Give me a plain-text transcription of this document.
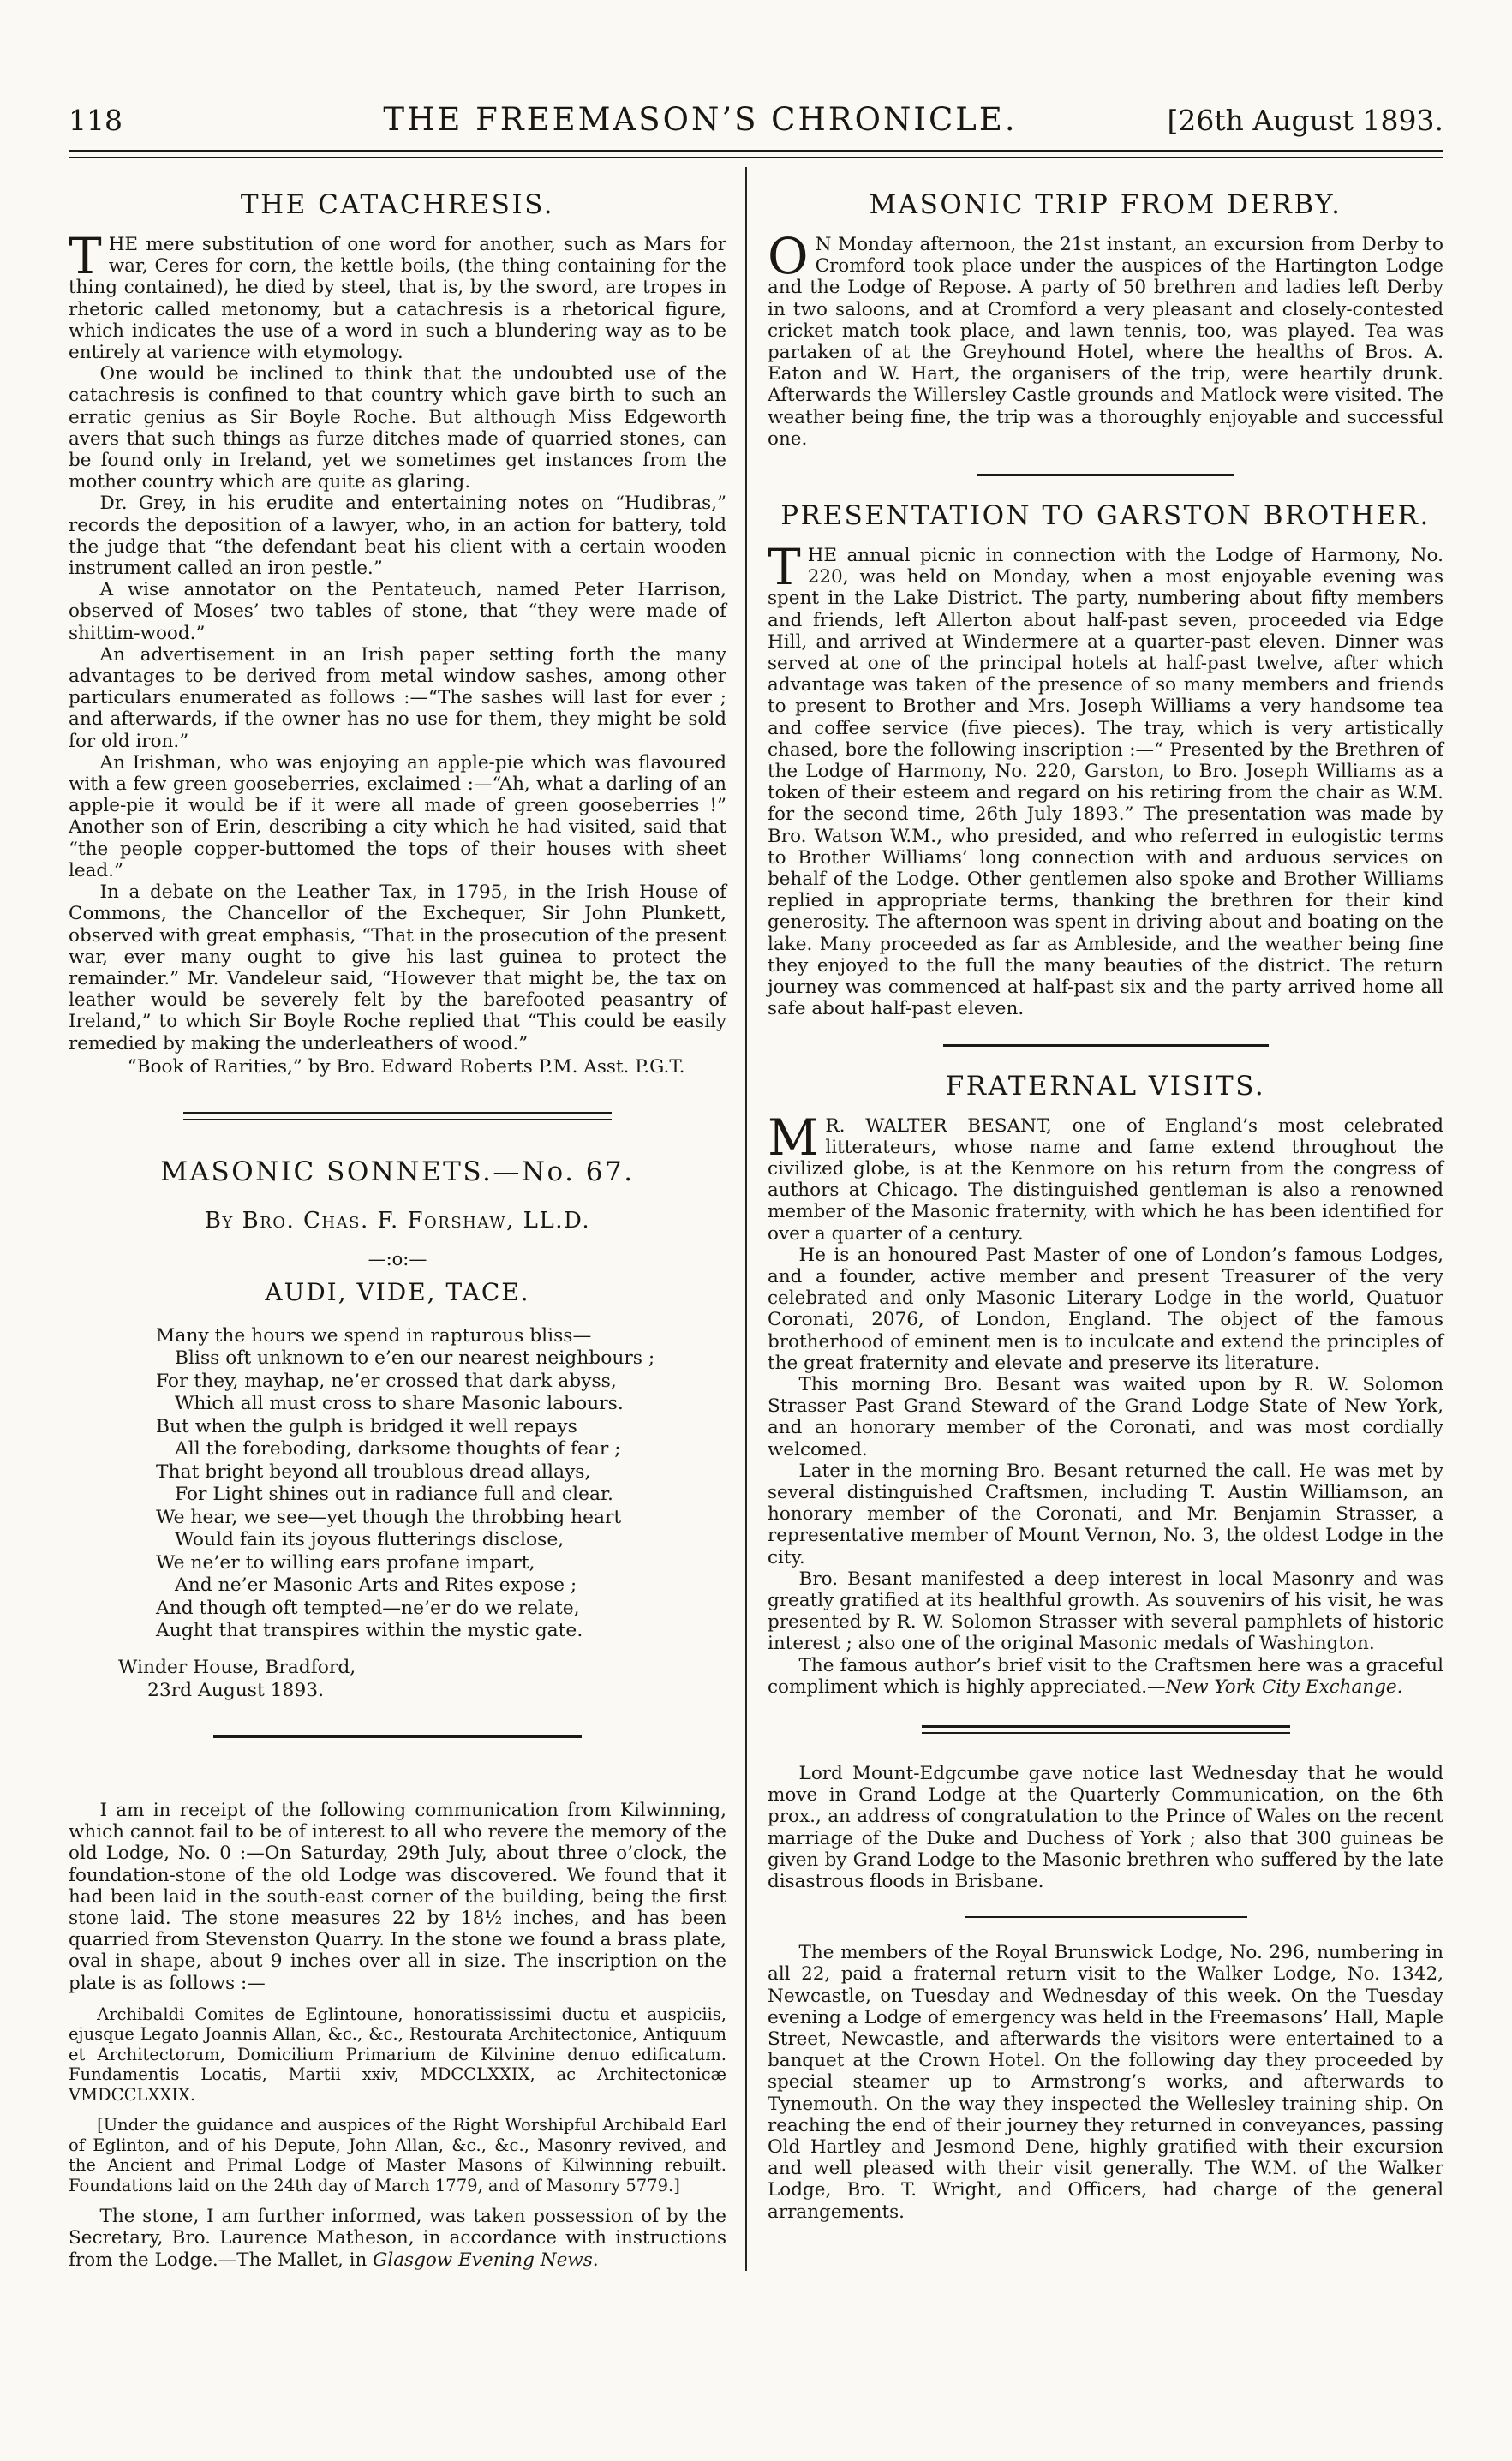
118	THE FREEMASON’S CHRONICLE.	[26th August 1893.
THE CATACHRESIS.

THE mere substitution of one word for another, such as Mars for war, Ceres for corn, the kettle boils, (the thing containing for the thing contained), he died by steel, that is, by the sword, are tropes in rhetoric called metonomy, but a catachresis is a rhetorical figure, which indicates the use of a word in such a blundering way as to be entirely at varience with etymology.

One would be inclined to think that the undoubted use of the catachresis is confined to that country which gave birth to such an erratic genius as Sir Boyle Roche. But although Miss Edgeworth avers that such things as furze ditches made of quarried stones, can be found only in Ireland, yet we sometimes get instances from the mother country which are quite as glaring.

Dr. Grey, in his erudite and entertaining notes on “Hudibras,” records the deposition of a lawyer, who, in an action for battery, told the judge that “the defendant beat his client with a certain wooden instrument called an iron pestle.”

A wise annotator on the Pentateuch, named Peter Harrison, observed of Moses’ two tables of stone, that “they were made of shittim-wood.”

An advertisement in an Irish paper setting forth the many advantages to be derived from metal window sashes, among other particulars enumerated as follows :—“The sashes will last for ever ; and afterwards, if the owner has no use for them, they might be sold for old iron.”

An Irishman, who was enjoying an apple-pie which was flavoured with a few green gooseberries, exclaimed :—“Ah, what a darling of an apple-pie it would be if it were all made of green gooseberries !” Another son of Erin, describing a city which he had visited, said that “the people copper-buttomed the tops of their houses with sheet lead.”

In a debate on the Leather Tax, in 1795, in the Irish House of Commons, the Chancellor of the Exchequer, Sir John Plunkett, observed with great emphasis, “That in the prosecution of the present war, ever many ought to give his last guinea to protect the remainder.” Mr. Vandeleur said, “However that might be, the tax on leather would be severely felt by the barefooted peasantry of Ireland,” to which Sir Boyle Roche replied that “This could be easily remedied by making the underleathers of wood.”

“Book of Rarities,” by Bro. Edward Roberts P.M. Asst. P.G.T.

MASONIC SONNETS.—No. 67.
By Bro. Chas. F. Forshaw, LL.D.
—:o:—
AUDI, VIDE, TACE.
Many the hours we spend in rapturous bliss—
Bliss oft unknown to e’en our nearest neighbours ;
For they, mayhap, ne’er crossed that dark abyss,
Which all must cross to share Masonic labours.
But when the gulph is bridged it well repays
All the foreboding, darksome thoughts of fear ;
That bright beyond all troublous dread allays,
For Light shines out in radiance full and clear.
We hear, we see—yet though the throbbing heart
Would fain its joyous flutterings disclose,
We ne’er to willing ears profane impart,
And ne’er Masonic Arts and Rites expose ;
And though oft tempted—ne’er do we relate,
Aught that transpires within the mystic gate.
Winder House, Bradford,
23rd August 1893.

I am in receipt of the following communication from Kilwinning, which cannot fail to be of interest to all who revere the memory of the old Lodge, No. 0 :—On Saturday, 29th July, about three o’clock, the foundation-stone of the old Lodge was discovered. We found that it had been laid in the south-east corner of the building, being the first stone laid. The stone measures 22 by 18½ inches, and has been quarried from Stevenston Quarry. In the stone we found a brass plate, oval in shape, about 9 inches over all in size. The inscription on the plate is as follows :—

Archibaldi Comites de Eglintoune, honoratississimi ductu et auspiciis, ejusque Legato Joannis Allan, &c., &c., Restourata Architectonice, Antiquum et Architectorum, Domicilium Primarium de Kilvinine denuo edificatum. Fundamentis Locatis, Martii xxiv, MDCCLXXIX, ac Architectonicæ VMDCCLXXIX.

[Under the guidance and auspices of the Right Worshipful Archibald Earl of Eglinton, and of his Depute, John Allan, &c., &c., Masonry revived, and the Ancient and Primal Lodge of Master Masons of Kilwinning rebuilt. Foundations laid on the 24th day of March 1779, and of Masonry 5779.]

The stone, I am further informed, was taken possession of by the Secretary, Bro. Laurence Matheson, in accordance with instructions from the Lodge.—The Mallet, in Glasgow Evening News.

MASONIC TRIP FROM DERBY.

O N Monday afternoon, the 21st instant, an excursion from Derby to Cromford took place under the auspices of the Hartington Lodge and the Lodge of Repose. A party of 50 brethren and ladies left Derby in two saloons, and at Cromford a very pleasant and closely-contested cricket match took place, and lawn tennis, too, was played. Tea was partaken of at the Greyhound Hotel, where the healths of Bros. A. Eaton and W. Hart, the organisers of the trip, were heartily drunk. Afterwards the Willersley Castle grounds and Matlock were visited. The weather being fine, the trip was a thoroughly enjoyable and successful one.

PRESENTATION TO GARSTON BROTHER.

THE annual picnic in connection with the Lodge of Harmony, No. 220, was held on Monday, when a most enjoyable evening was spent in the Lake District. The party, numbering about fifty members and friends, left Allerton about half-past seven, proceeded via Edge Hill, and arrived at Windermere at a quarter-past eleven. Dinner was served at one of the principal hotels at half-past twelve, after which advantage was taken of the presence of so many members and friends to present to Brother and Mrs. Joseph Williams a very handsome tea and coffee service (five pieces). The tray, which is very artistically chased, bore the following inscription :—“ Presented by the Brethren of the Lodge of Harmony, No. 220, Garston, to Bro. Joseph Williams as a token of their esteem and regard on his retiring from the chair as W.M. for the second time, 26th July 1893.” The presentation was made by Bro. Watson W.M., who presided, and who referred in eulogistic terms to Brother Williams’ long connection with and arduous services on behalf of the Lodge. Other gentlemen also spoke and Brother Williams replied in appropriate terms, thanking the brethren for their kind generosity. The afternoon was spent in driving about and boating on the lake. Many proceeded as far as Ambleside, and the weather being fine they enjoyed to the full the many beauties of the district. The return journey was commenced at half-past six and the party arrived home all safe about half-past eleven.

FRATERNAL VISITS.

M R. WALTER BESANT, one of England’s most celebrated litterateurs, whose name and fame extend throughout the civilized globe, is at the Kenmore on his return from the congress of authors at Chicago. The distinguished gentleman is also a renowned member of the Masonic fraternity, with which he has been identified for over a quarter of a century.

He is an honoured Past Master of one of London’s famous Lodges, and a founder, active member and present Treasurer of the very celebrated and only Masonic Literary Lodge in the world, Quatuor Coronati, 2076, of London, England. The object of the famous brotherhood of eminent men is to inculcate and extend the principles of the great fraternity and elevate and preserve its literature.

This morning Bro. Besant was waited upon by R. W. Solomon Strasser Past Grand Steward of the Grand Lodge State of New York, and an honorary member of the Coronati, and was most cordially welcomed.

Later in the morning Bro. Besant returned the call. He was met by several distinguished Craftsmen, including T. Austin Williamson, an honorary member of the Coronati, and Mr. Benjamin Strasser, a representative member of Mount Vernon, No. 3, the oldest Lodge in the city.

Bro. Besant manifested a deep interest in local Masonry and was greatly gratified at its healthful growth. As souvenirs of his visit, he was presented by R. W. Solomon Strasser with several pamphlets of historic interest ; also one of the original Masonic medals of Washington.

The famous author’s brief visit to the Craftsmen here was a graceful compliment which is highly appreciated.—New York City Exchange.

Lord Mount-Edgcumbe gave notice last Wednesday that he would move in Grand Lodge at the Quarterly Communication, on the 6th prox., an address of congratulation to the Prince of Wales on the recent marriage of the Duke and Duchess of York ; also that 300 guineas be given by Grand Lodge to the Masonic brethren who suffered by the late disastrous floods in Brisbane.

The members of the Royal Brunswick Lodge, No. 296, numbering in all 22, paid a fraternal return visit to the Walker Lodge, No. 1342, Newcastle, on Tuesday and Wednesday of this week. On the Tuesday evening a Lodge of emergency was held in the Freemasons’ Hall, Maple Street, Newcastle, and afterwards the visitors were entertained to a banquet at the Crown Hotel. On the following day they proceeded by special steamer up to Armstrong’s works, and afterwards to Tynemouth. On the way they inspected the Wellesley training ship. On reaching the end of their journey they returned in conveyances, passing Old Hartley and Jesmond Dene, highly gratified with their excursion and well pleased with their visit generally. The W.M. of the Walker Lodge, Bro. T. Wright, and Officers, had charge of the general arrangements.
